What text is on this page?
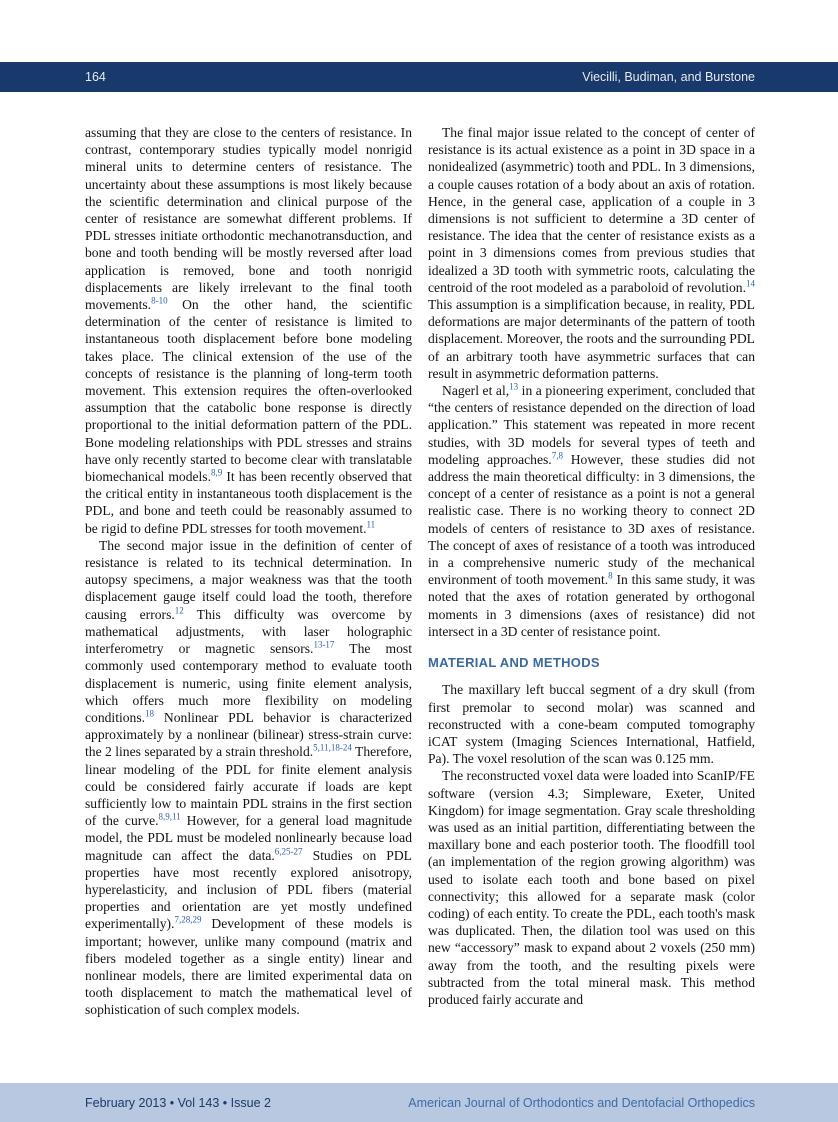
164	Viecilli, Budiman, and Burstone

assuming that they are close to the centers of resistance. In contrast, contemporary studies typically model nonrigid mineral units to determine centers of resistance. The uncertainty about these assumptions is most likely because the scientific determination and clinical purpose of the center of resistance are somewhat different problems. If PDL stresses initiate orthodontic mechanotransduction, and bone and tooth bending will be mostly reversed after load application is removed, bone and tooth nonrigid displacements are likely irrelevant to the final tooth movements.$^{8-10}$ On the other hand, the scientific determination of the center of resistance is limited to instantaneous tooth displacement before bone modeling takes place. The clinical extension of the use of the concepts of resistance is the planning of long-term tooth movement. This extension requires the often-overlooked assumption that the catabolic bone response is directly proportional to the initial deformation pattern of the PDL. Bone modeling relationships with PDL stresses and strains have only recently started to become clear with translatable biomechanical models.$^{8,9}$ It has been recently observed that the critical entity in instantaneous tooth displacement is the PDL, and bone and teeth could be reasonably assumed to be rigid to define PDL stresses for tooth movement.$^{11}$

The second major issue in the definition of center of resistance is related to its technical determination. In autopsy specimens, a major weakness was that the tooth displacement gauge itself could load the tooth, therefore causing errors.$^{12}$ This difficulty was overcome by mathematical adjustments, with laser holographic interferometry or magnetic sensors.$^{13-17}$ The most commonly used contemporary method to evaluate tooth displacement is numeric, using finite element analysis, which offers much more flexibility on modeling conditions.$^{18}$ Nonlinear PDL behavior is characterized approximately by a nonlinear (bilinear) stress-strain curve: the 2 lines separated by a strain threshold.$^{5,11,18-24}$ Therefore, linear modeling of the PDL for finite element analysis could be considered fairly accurate if loads are kept sufficiently low to maintain PDL strains in the first section of the curve.$^{8,9,11}$ However, for a general load magnitude model, the PDL must be modeled nonlinearly because load magnitude can affect the data.$^{6,25-27}$ Studies on PDL properties have most recently explored anisotropy, hyperelasticity, and inclusion of PDL fibers (material properties and orientation are yet mostly undefined experimentally).$^{7,28,29}$ Development of these models is important; however, unlike many compound (matrix and fibers modeled together as a single entity) linear and nonlinear models, there are limited experimental data on tooth displacement to match the mathematical level of sophistication of such complex models.

The final major issue related to the concept of center of resistance is its actual existence as a point in 3D space in a nonidealized (asymmetric) tooth and PDL. In 3 dimensions, a couple causes rotation of a body about an axis of rotation. Hence, in the general case, application of a couple in 3 dimensions is not sufficient to determine a 3D center of resistance. The idea that the center of resistance exists as a point in 3 dimensions comes from previous studies that idealized a 3D tooth with symmetric roots, calculating the centroid of the root modeled as a paraboloid of revolution.$^{14}$ This assumption is a simplification because, in reality, PDL deformations are major determinants of the pattern of tooth displacement. Moreover, the roots and the surrounding PDL of an arbitrary tooth have asymmetric surfaces that can result in asymmetric deformation patterns.

Nagerl et al,$^{13}$ in a pioneering experiment, concluded that “the centers of resistance depended on the direction of load application.” This statement was repeated in more recent studies, with 3D models for several types of teeth and modeling approaches.$^{7,8}$ However, these studies did not address the main theoretical difficulty: in 3 dimensions, the concept of a center of resistance as a point is not a general realistic case. There is no working theory to connect 2D models of centers of resistance to 3D axes of resistance. The concept of axes of resistance of a tooth was introduced in a comprehensive numeric study of the mechanical environment of tooth movement.$^8$ In this same study, it was noted that the axes of rotation generated by orthogonal moments in 3 dimensions (axes of resistance) did not intersect in a 3D center of resistance point.

MATERIAL AND METHODS

The maxillary left buccal segment of a dry skull (from first premolar to second molar) was scanned and reconstructed with a cone-beam computed tomography iCAT system (Imaging Sciences International, Hatfield, Pa). The voxel resolution of the scan was 0.125 mm.

The reconstructed voxel data were loaded into ScanIP/FE software (version 4.3; Simpleware, Exeter, United Kingdom) for image segmentation. Gray scale thresholding was used as an initial partition, differentiating between the maxillary bone and each posterior tooth. The floodfill tool (an implementation of the region growing algorithm) was used to isolate each tooth and bone based on pixel connectivity; this allowed for a separate mask (color coding) of each entity. To create the PDL, each tooth's mask was duplicated. Then, the dilation tool was used on this new “accessory” mask to expand about 2 voxels (250 mm) away from the tooth, and the resulting pixels were subtracted from the total mineral mask. This method produced fairly accurate and

February 2013 • Vol 143 • Issue 2	American Journal of Orthodontics and Dentofacial Orthopedics
